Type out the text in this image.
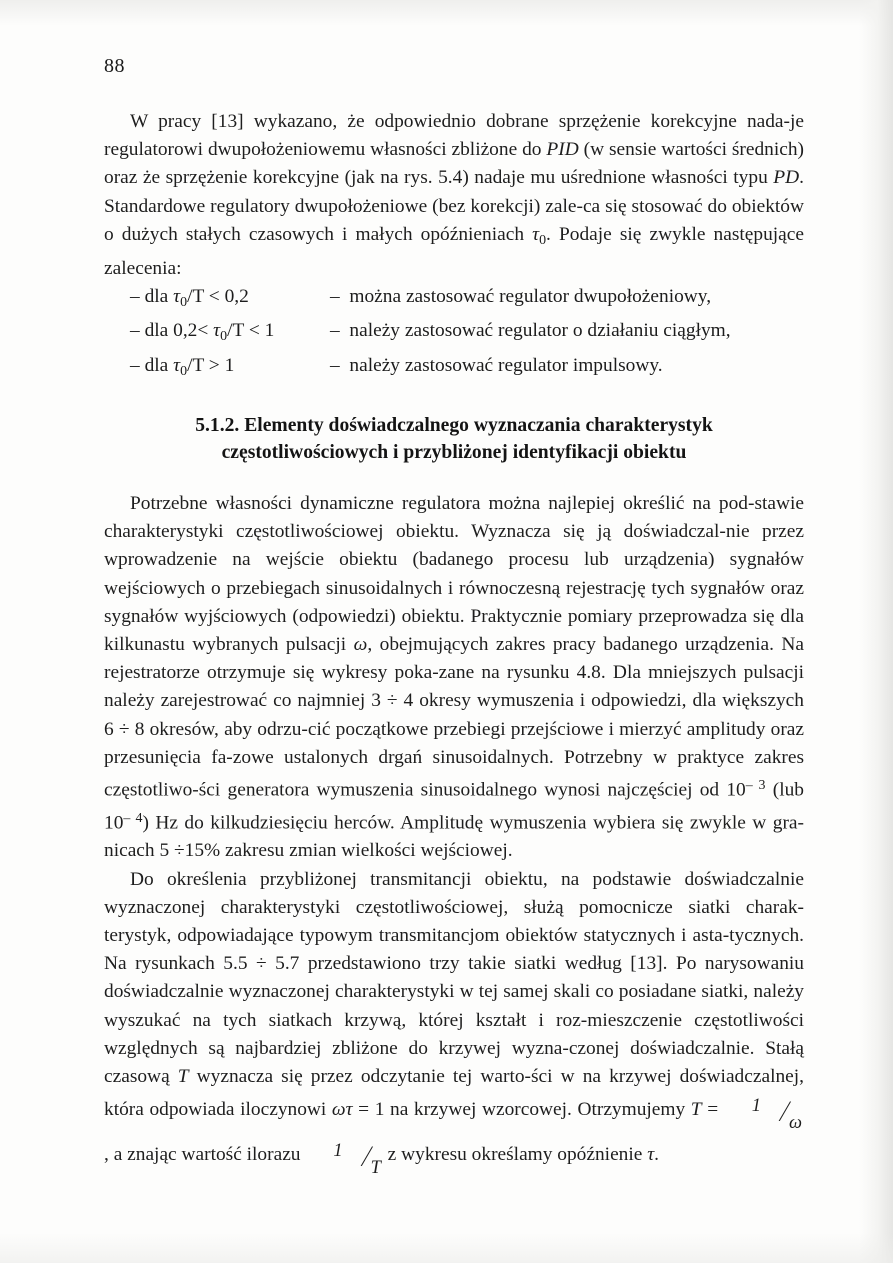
88

W pracy [13] wykazano, że odpowiednio dobrane sprzężenie korekcyjne nada-je regulatorowi dwupołożeniowemu własności zbliżone do PID (w sensie wartości średnich) oraz że sprzężenie korekcyjne (jak na rys. 5.4) nadaje mu uśrednione własności typu PD. Standardowe regulatory dwupołożeniowe (bez korekcji) zale-ca się stosować do obiektów o dużych stałych czasowych i małych opóźnieniach $\tau_0$. Podaje się zwykle następujące zalecenia:

– dla $\tau_0/T < 0,2$	– można zastosować regulator dwupołożeniowy,
– dla $0,2< \tau_0/T < 1$	– należy zastosować regulator o działaniu ciągłym,
– dla $\tau_0/T > 1$	– należy zastosować regulator impulsowy.
5.1.2. Elementy doświadczalnego wyznaczania charakterystyk
częstotliwościowych i przybliżonej identyfikacji obiektu

Potrzebne własności dynamiczne regulatora można najlepiej określić na pod-stawie charakterystyki częstotliwościowej obiektu. Wyznacza się ją doświadczal-nie przez wprowadzenie na wejście obiektu (badanego procesu lub urządzenia) sygnałów wejściowych o przebiegach sinusoidalnych i równoczesną rejestrację tych sygnałów oraz sygnałów wyjściowych (odpowiedzi) obiektu. Praktycznie pomiary przeprowadza się dla kilkunastu wybranych pulsacji ω, obejmujących zakres pracy badanego urządzenia. Na rejestratorze otrzymuje się wykresy poka-zane na rysunku 4.8. Dla mniejszych pulsacji należy zarejestrować co najmniej 3 ÷ 4 okresy wymuszenia i odpowiedzi, dla większych 6 ÷ 8 okresów, aby odrzu-cić początkowe przebiegi przejściowe i mierzyć amplitudy oraz przesunięcia fa-zowe ustalonych drgań sinusoidalnych. Potrzebny w praktyce zakres częstotliwo-ści generatora wymuszenia sinusoidalnego wynosi najczęściej od $10^{- 3}$ (lub $10^{- 4}$) Hz do kilkudziesięciu herców. Amplitudę wymuszenia wybiera się zwykle w gra-nicach 5 ÷15% zakresu zmian wielkości wejściowej.

Do określenia przybliżonej transmitancji obiektu, na podstawie doświadczalnie wyznaczonej charakterystyki częstotliwościowej, służą pomocnicze siatki charak-terystyk, odpowiadające typowym transmitancjom obiektów statycznych i asta-tycznych. Na rysunkach 5.5 ÷ 5.7 przedstawiono trzy takie siatki według [13]. Po narysowaniu doświadczalnie wyznaczonej charakterystyki w tej samej skali co posiadane siatki, należy wyszukać na tych siatkach krzywą, której kształt i roz-mieszczenie częstotliwości względnych są najbardziej zbliżone do krzywej wyzna-czonej doświadczalnie. Stałą czasową T wyznacza się przez odczytanie tej warto-ści w na krzywej doświadczalnej, która odpowiada iloczynowi ωτ = 1 na krzywej wzorcowej. Otrzymujemy T = 1 ⁄ω , a znając wartość ilorazu 1 ⁄T z wykresu określamy opóźnienie τ.
